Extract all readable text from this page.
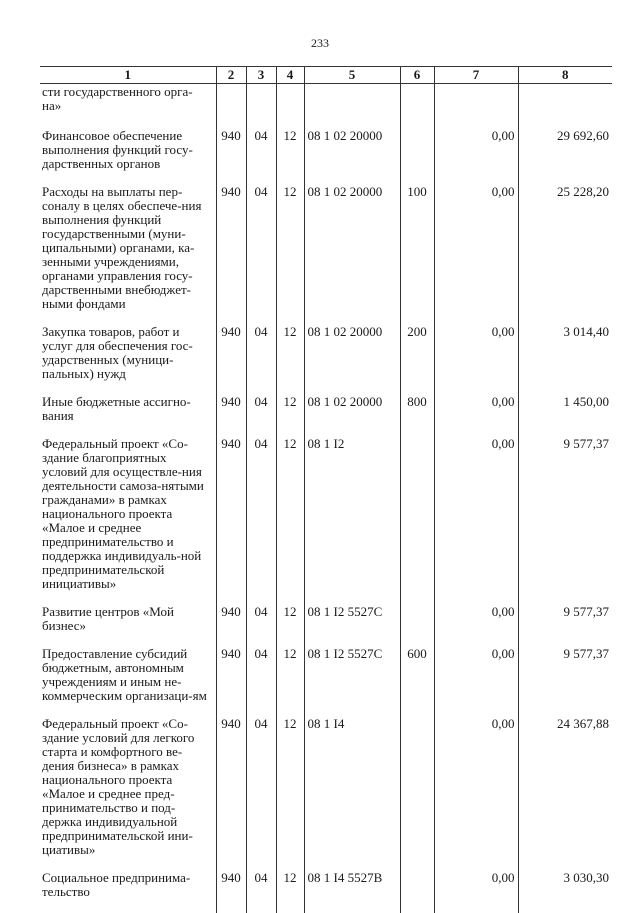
233
1	2	3	4	5	6	7	8
сти государственного орга-
на»							
Финансовое обеспечение выполнения функций госу-дарственных органов	940	04	12	08 1 02 20000		0,00	29 692,60
Расходы на выплаты пер-соналу в целях обеспече-ния выполнения функций государственными (муни-ципальными) органами, ка-зенными учреждениями, органами управления госу-дарственными внебюджет-ными фондами	940	04	12	08 1 02 20000	100	0,00	25 228,20
Закупка товаров, работ и услуг для обеспечения гос-ударственных (муници-пальных) нужд	940	04	12	08 1 02 20000	200	0,00	3 014,40
Иные бюджетные ассигно-вания	940	04	12	08 1 02 20000	800	0,00	1 450,00
Федеральный проект «Со-здание благоприятных условий для осуществле-ния деятельности самоза-нятыми гражданами» в рамках национального проекта «Малое и среднее предпринимательство и поддержка индивидуаль-ной предпринимательской инициативы»	940	04	12	08 1 I2		0,00	9 577,37
Развитие центров «Мой бизнес»	940	04	12	08 1 I2 5527C		0,00	9 577,37
Предоставление субсидий бюджетным, автономным учреждениям и иным не-коммерческим организаци-ям	940	04	12	08 1 I2 5527C	600	0,00	9 577,37
Федеральный проект «Со-здание условий для легкого старта и комфортного ве-дения бизнеса» в рамках национального проекта «Малое и среднее пред-принимательство и под-держка индивидуальной предпринимательской ини-циативы»	940	04	12	08 1 I4		0,00	24 367,88
Социальное предпринима-тельство	940	04	12	08 1 I4 5527B		0,00	3 030,30
